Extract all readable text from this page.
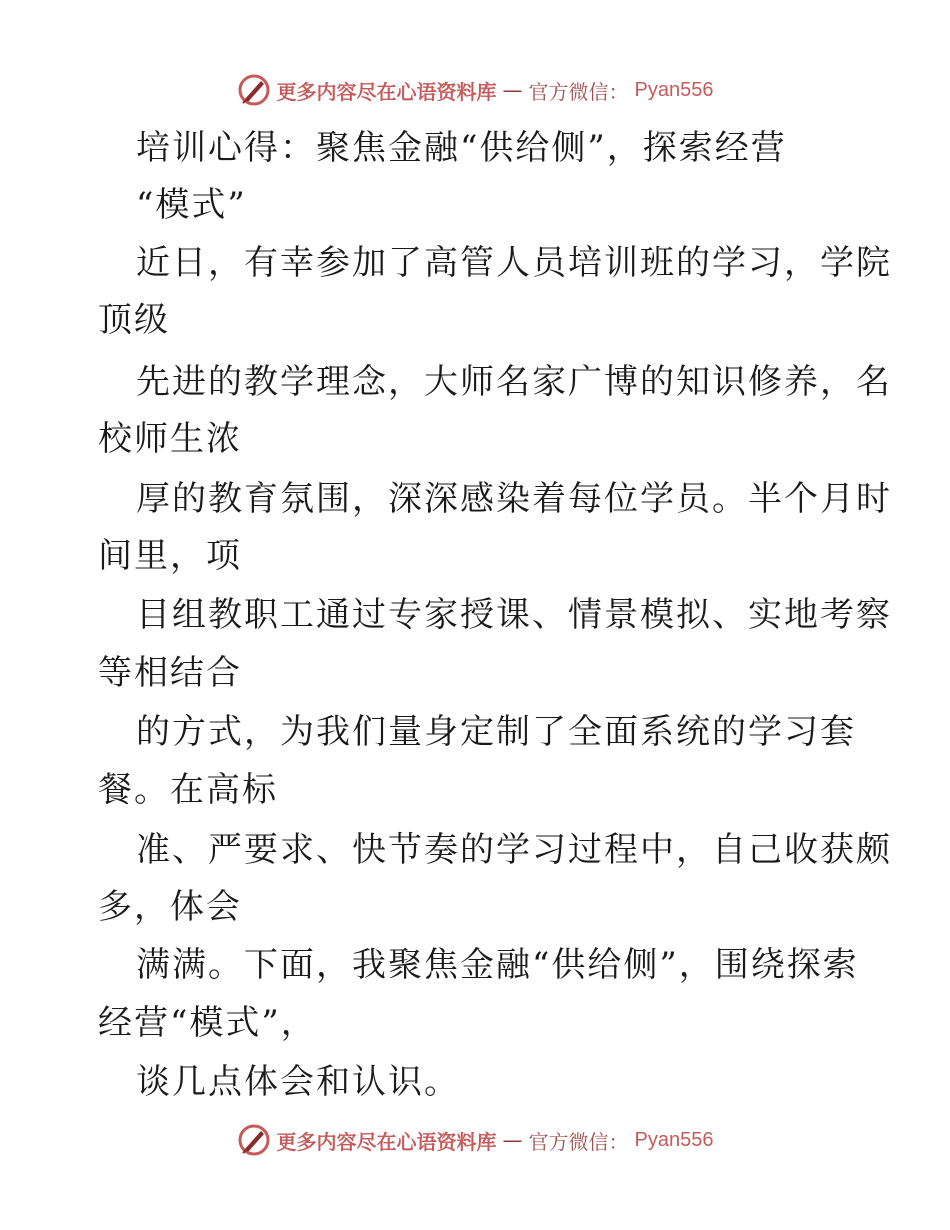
更多内容尽在心语资料库 — 官方微信： Pyan556
培训心得：聚焦金融“供给侧”，探索经营
“模式”
近日，有幸参加了高管人员培训班的学习，学院
顶级
先进的教学理念，大师名家广博的知识修养，名
校师生浓
厚的教育氛围，深深感染着每位学员。半个月时
间里，项
目组教职工通过专家授课、情景模拟、实地考察
等相结合
的方式，为我们量身定制了全面系统的学习套
餐。在高标
准、严要求、快节奏的学习过程中，自己收获颇
多，体会
满满。下面，我聚焦金融“供给侧”，围绕探索
经营“模式”，
谈几点体会和认识。
更多内容尽在心语资料库 — 官方微信： Pyan556
